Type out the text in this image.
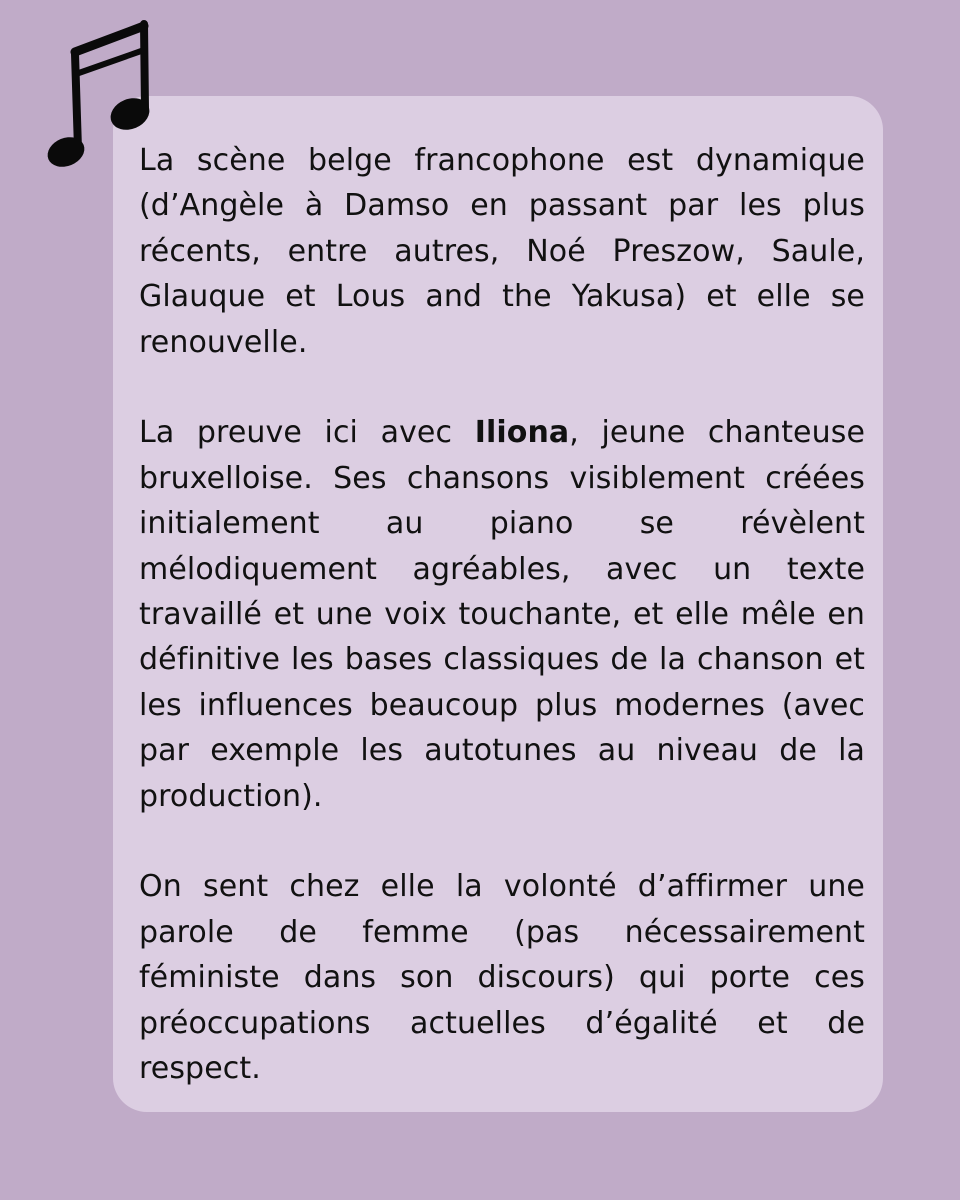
La scène belge francophone est dynamique (d’Angèle à Damso en passant par les plus récents, entre autres, Noé Preszow, Saule, Glauque et Lous and the Yakusa) et elle se renouvelle.

La preuve ici avec Iliona, jeune chanteuse bruxelloise. Ses chansons visiblement créées initialement au piano se révèlent mélodiquement agréables, avec un texte travaillé et une voix touchante, et elle mêle en définitive les bases classiques de la chanson et les influences beaucoup plus modernes (avec par exemple les autotunes au niveau de la production).

On sent chez elle la volonté d’affirmer une parole de femme (pas nécessairement féministe dans son discours) qui porte ces préoccupations actuelles d’égalité et de respect.
